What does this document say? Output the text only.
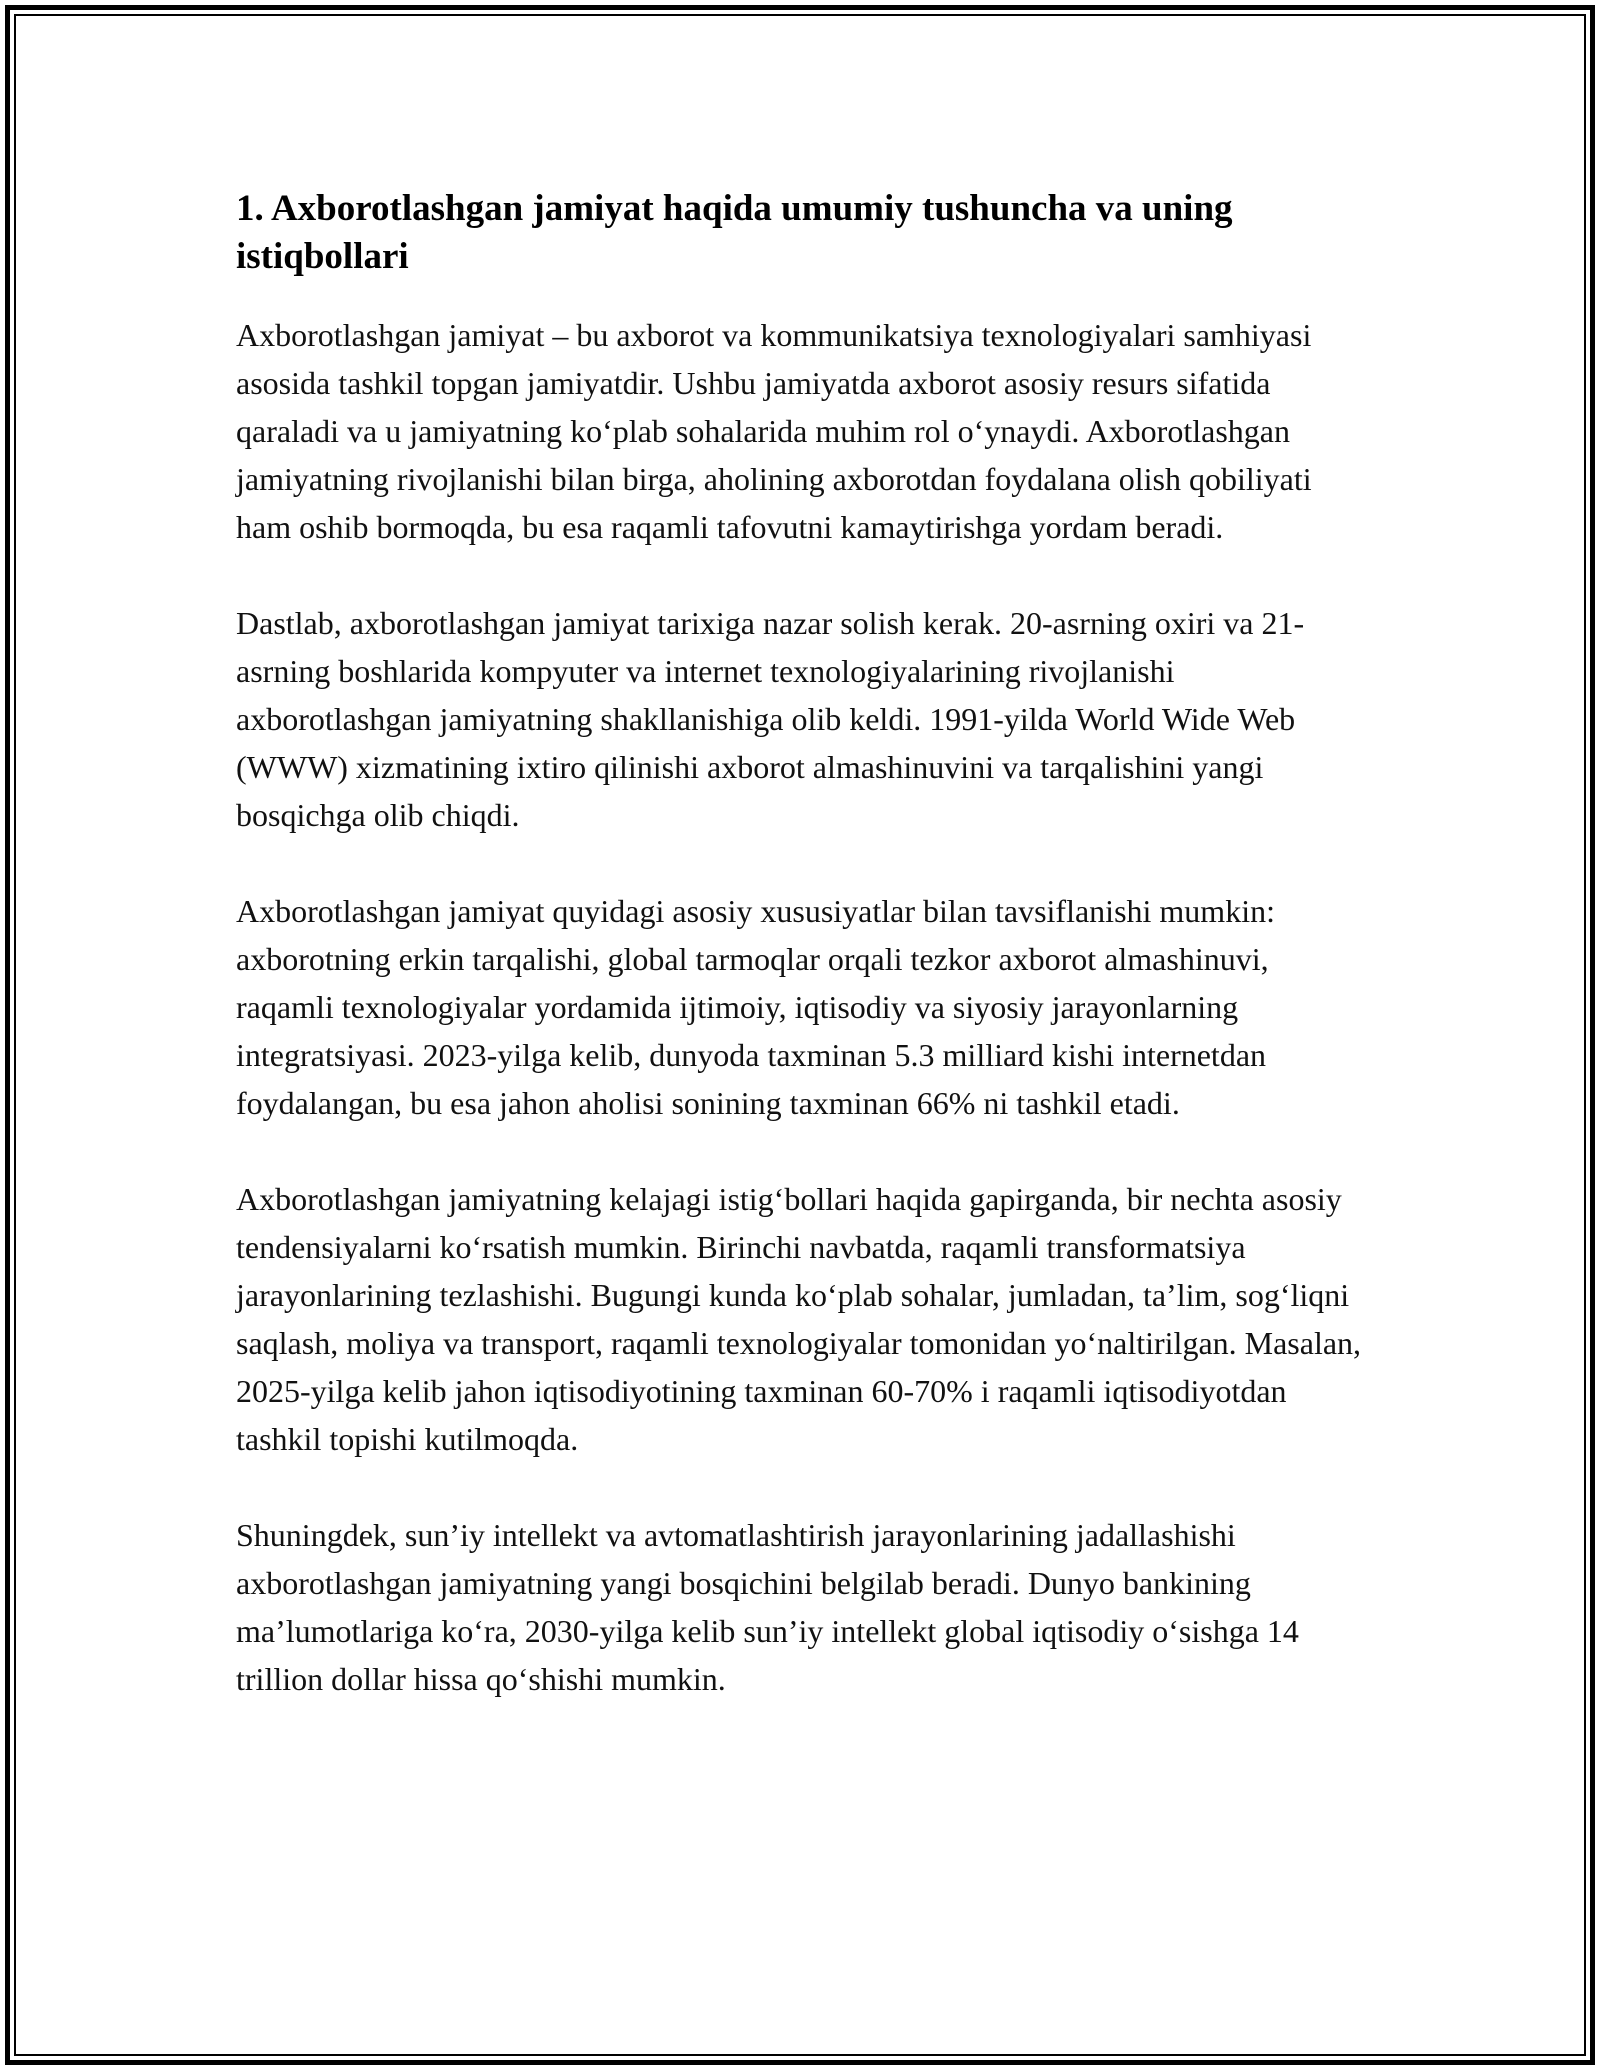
1. Axborotlashgan jamiyat haqida umumiy tushuncha va uning istiqbollari

Axborotlashgan jamiyat – bu axborot va kommunikatsiya texnologiyalari samhiyasi asosida tashkil topgan jamiyatdir. Ushbu jamiyatda axborot asosiy resurs sifatida qaraladi va u jamiyatning koʻplab sohalarida muhim rol oʻynaydi. Axborotlashgan jamiyatning rivojlanishi bilan birga, aholining axborotdan foydalana olish qobiliyati ham oshib bormoqda, bu esa raqamli tafovutni kamaytirishga yordam beradi.

Dastlab, axborotlashgan jamiyat tarixiga nazar solish kerak. 20-asrning oxiri va 21-asrning boshlarida kompyuter va internet texnologiyalarining rivojlanishi axborotlashgan jamiyatning shakllanishiga olib keldi. 1991-yilda World Wide Web (WWW) xizmatining ixtiro qilinishi axborot almashinuvini va tarqalishini yangi bosqichga olib chiqdi.

Axborotlashgan jamiyat quyidagi asosiy xususiyatlar bilan tavsiflanishi mumkin: axborotning erkin tarqalishi, global tarmoqlar orqali tezkor axborot almashinuvi, raqamli texnologiyalar yordamida ijtimoiy, iqtisodiy va siyosiy jarayonlarning integratsiyasi. 2023-yilga kelib, dunyoda taxminan 5.3 milliard kishi internetdan foydalangan, bu esa jahon aholisi sonining taxminan 66% ni tashkil etadi.

Axborotlashgan jamiyatning kelajagi istigʻbollari haqida gapirganda, bir nechta asosiy tendensiyalarni koʻrsatish mumkin. Birinchi navbatda, raqamli transformatsiya jarayonlarining tezlashishi. Bugungi kunda koʻplab sohalar, jumladan, ta’lim, sogʻliqni saqlash, moliya va transport, raqamli texnologiyalar tomonidan yoʻnaltirilgan. Masalan, 2025-yilga kelib jahon iqtisodiyotining taxminan 60-70% i raqamli iqtisodiyotdan tashkil topishi kutilmoqda.

Shuningdek, sun’iy intellekt va avtomatlashtirish jarayonlarining jadallashishi axborotlashgan jamiyatning yangi bosqichini belgilab beradi. Dunyo bankining ma’lumotlariga koʻra, 2030-yilga kelib sun’iy intellekt global iqtisodiy oʻsishga 14 trillion dollar hissa qoʻshishi mumkin.
